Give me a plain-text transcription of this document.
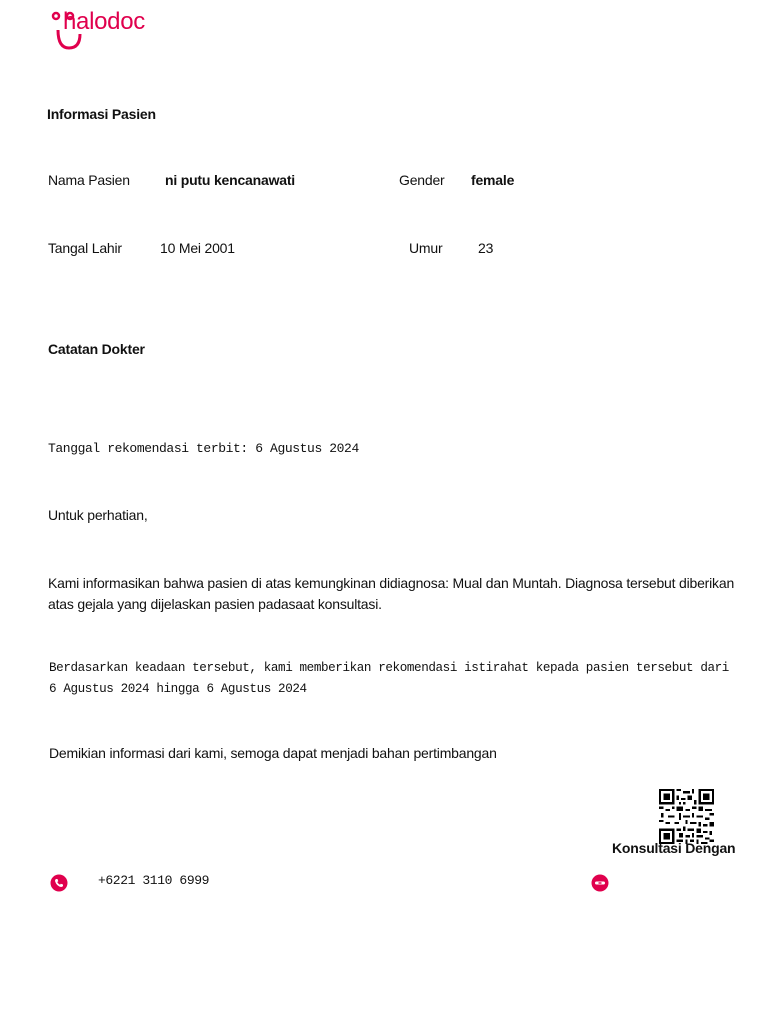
halodoc
Informasi Pasien
Nama Pasien	ni putu kencanawati	Gender female
Tangal Lahir	10 Mei 2001	Umur	23
Catatan Dokter
Tanggal rekomendasi terbit: 6 Agustus 2024
Untuk perhatian,
Kami informasikan bahwa pasien di atas kemungkinan didiagnosa: Mual dan Muntah. Diagnosa tersebut diberikan
atas gejala yang dijelaskan pasien padasaat konsultasi.
Berdasarkan keadaan tersebut, kami memberikan rekomendasi istirahat kepada pasien tersebut dari
6 Agustus 2024 hingga 6 Agustus 2024
Demikian informasi dari kami, semoga dapat menjadi bahan pertimbangan
Konsultasi Dengan
+6221 3110 6999
